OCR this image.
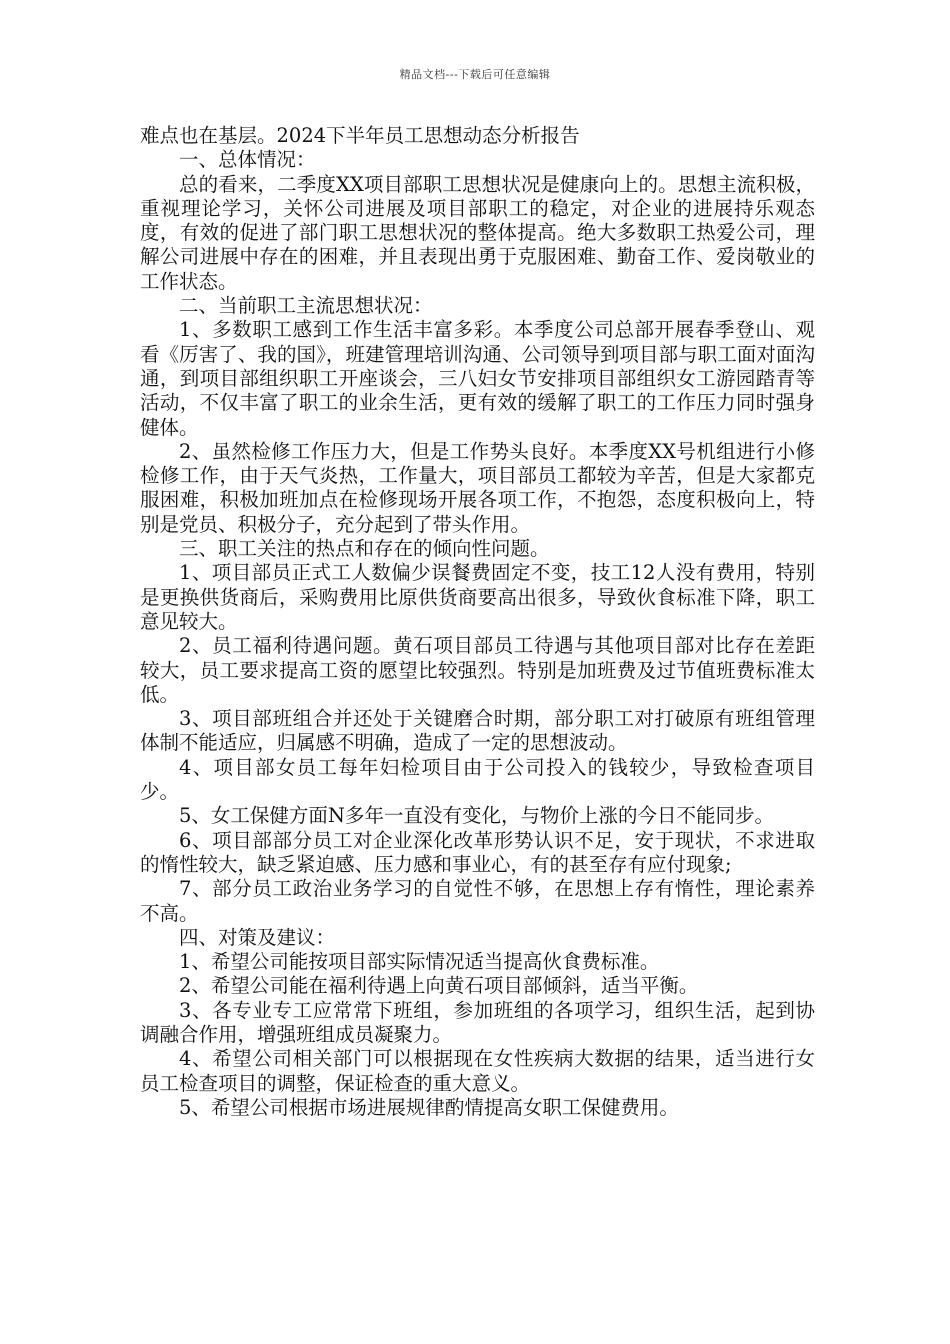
精品文档---下载后可任意编辑

难点也在基层。2024下半年员工思想动态分析报告

一、总体情况：

总的看来，二季度XX项目部职工思想状况是健康向上的。思想主流积极，重视理论学习，关怀公司进展及项目部职工的稳定，对企业的进展持乐观态度，有效的促进了部门职工思想状况的整体提高。绝大多数职工热爱公司，理解公司进展中存在的困难，并且表现出勇于克服困难、勤奋工作、爱岗敬业的工作状态。

二、当前职工主流思想状况：

1、多数职工感到工作生活丰富多彩。本季度公司总部开展春季登山、观看《厉害了、我的国》，班建管理培训沟通、公司领导到项目部与职工面对面沟通，到项目部组织职工开座谈会，三八妇女节安排项目部组织女工游园踏青等活动，不仅丰富了职工的业余生活，更有效的缓解了职工的工作压力同时强身健体。

2、虽然检修工作压力大，但是工作势头良好。本季度XX号机组进行小修检修工作，由于天气炎热，工作量大，项目部员工都较为辛苦，但是大家都克服困难，积极加班加点在检修现场开展各项工作，不抱怨，态度积极向上，特别是党员、积极分子，充分起到了带头作用。

三、职工关注的热点和存在的倾向性问题。

1、项目部员正式工人数偏少误餐费固定不变，技工12人没有费用，特别是更换供货商后，采购费用比原供货商要高出很多，导致伙食标准下降，职工意见较大。

2、员工福利待遇问题。黄石项目部员工待遇与其他项目部对比存在差距较大，员工要求提高工资的愿望比较强烈。特别是加班费及过节值班费标准太低。

3、项目部班组合并还处于关键磨合时期，部分职工对打破原有班组管理体制不能适应，归属感不明确，造成了一定的思想波动。

4、项目部女员工每年妇检项目由于公司投入的钱较少，导致检查项目少。

5、女工保健方面N多年一直没有变化，与物价上涨的今日不能同步。

6、项目部部分员工对企业深化改革形势认识不足，安于现状，不求进取的惰性较大，缺乏紧迫感、压力感和事业心，有的甚至存有应付现象;

7、部分员工政治业务学习的自觉性不够，在思想上存有惰性，理论素养不高。

四、对策及建议：

1、希望公司能按项目部实际情况适当提高伙食费标准。

2、希望公司能在福利待遇上向黄石项目部倾斜，适当平衡。

3、各专业专工应常常下班组，参加班组的各项学习，组织生活，起到协调融合作用，增强班组成员凝聚力。

4、希望公司相关部门可以根据现在女性疾病大数据的结果，适当进行女员工检查项目的调整，保证检查的重大意义。

5、希望公司根据市场进展规律酌情提高女职工保健费用。
